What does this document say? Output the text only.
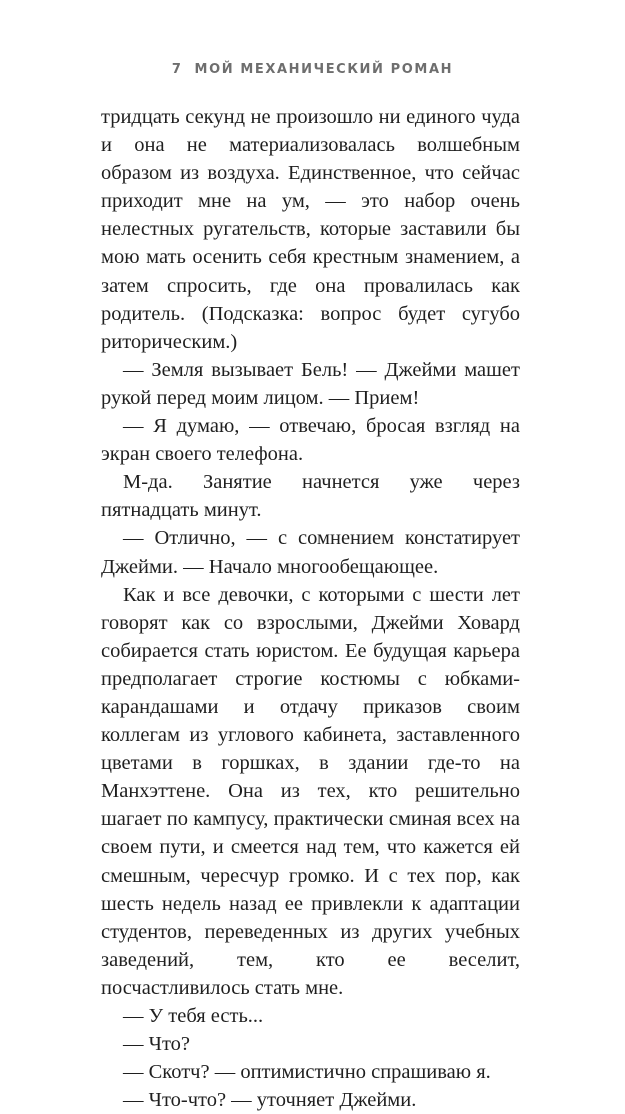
7 МОЙ МЕХАНИЧЕСКИЙ РОМАН

тридцать секунд не произошло ни единого чуда и она не материализовалась волшебным образом из воздуха. Единственное, что сейчас приходит мне на ум, — это набор очень нелестных ругательств, которые заставили бы мою мать осенить себя крестным знамением, а затем спросить, где она провалилась как родитель. (Подсказка: вопрос будет сугубо риторическим.)

— Земля вызывает Бель! — Джейми машет рукой перед моим лицом. — Прием!

— Я думаю, — отвечаю, бросая взгляд на экран своего телефона.

М-да. Занятие начнется уже через пятнадцать минут.

— Отлично, — с сомнением констатирует Джейми. — Начало многообещающее.

Как и все девочки, с которыми с шести лет говорят как со взрослыми, Джейми Ховард собирается стать юристом. Ее будущая карьера предполагает строгие костюмы с юбками-карандашами и отдачу приказов своим коллегам из углового кабинета, заставленного цветами в горшках, в здании где-то на Манхэттене. Она из тех, кто решительно шагает по кампусу, практически сминая всех на своем пути, и смеется над тем, что кажется ей смешным, чересчур громко. И с тех пор, как шесть недель назад ее привлекли к адаптации студентов, переведенных из других учебных заведений, тем, кто ее веселит, посчастливилось стать мне.

— У тебя есть...

— Что?

— Скотч? — оптимистично спрашиваю я.

— Что-что? — уточняет Джейми.
